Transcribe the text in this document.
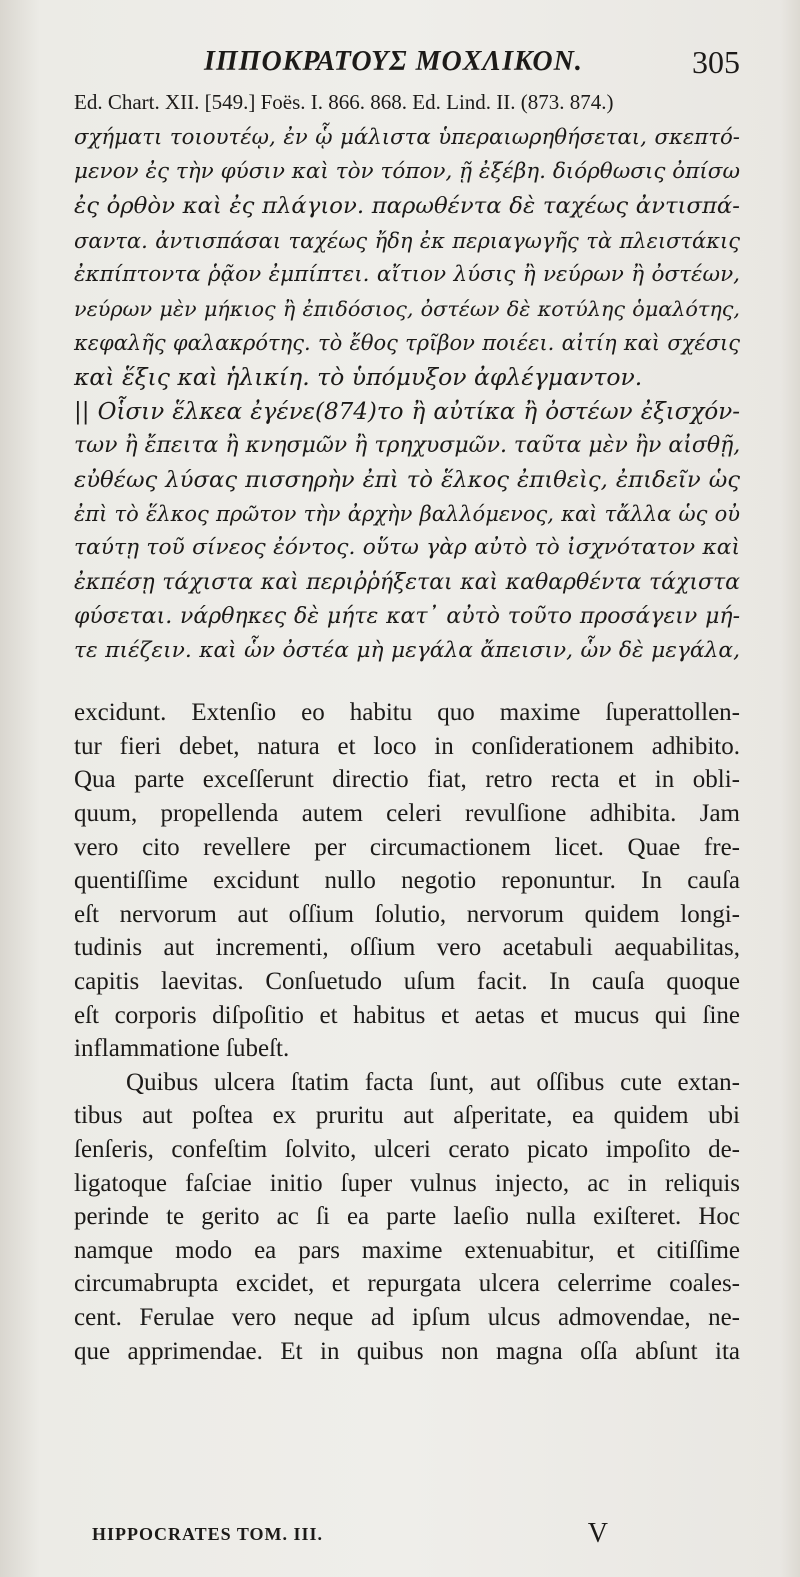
ΙΠΠΟΚΡΑΤΟΥΣ ΜΟΧΛΙΚΟΝ.	305
Ed. Chart. XII. [549.] Foës. I. 866. 868. Ed. Lind. II. (873. 874.)
σχήματι τοιουτέῳ, ἐν ᾧ μάλιστα ὑπεραιωρηθήσεται, σκεπτό-
μενον ἐς τὴν φύσιν καὶ τὸν τόπον, ῇ ἐξέβη. διόρθωσις ὀπίσω
ἐς ὀρθὸν καὶ ἐς πλάγιον. παρωθέντα δὲ ταχέως ἀντισπά-
σαντα. ἀντισπάσαι ταχέως ἤδη ἐκ περιαγωγῆς τὰ πλειστάκις
ἐκπίπτοντα ῥᾷον ἐμπίπτει. αἴτιον λύσις ἢ νεύρων ἢ ὀστέων,
νεύρων μὲν μήκιος ἢ ἐπιδόσιος, ὀστέων δὲ κοτύλης ὁμαλότης,
κεφαλῆς φαλακρότης. τὸ ἔθος τρῖβον ποιέει. αἰτίη καὶ σχέσις
καὶ ἕξις καὶ ἡλικίη. τὸ ὑπόμυξον ἀφλέγμαντον.
|| Οἷσιν ἕλκεα ἐγένε(874)το ἢ αὐτίκα ἢ ὀστέων ἐξισχόν-
των ἢ ἔπειτα ἢ κνησμῶν ἢ τρηχυσμῶν. ταῦτα μὲν ἢν αἰσθῇ,
εὐθέως λύσας πισσηρὴν ἐπὶ τὸ ἕλκος ἐπιθεὶς, ἐπιδεῖν ὡς
ἐπὶ τὸ ἕλκος πρῶτον τὴν ἀρχὴν βαλλόμενος, καὶ τἄλλα ὡς οὐ
ταύτῃ τοῦ σίνεος ἐόντος. οὕτω γὰρ αὐτὸ τὸ ἰσχνότατον καὶ
ἐκπέσῃ τάχιστα καὶ περιῤῥήξεται καὶ καθαρθέντα τάχιστα
φύσεται. νάρθηκες δὲ μήτε κατ᾽ αὐτὸ τοῦτο προσάγειν μή-
τε πιέζειν. καὶ ὧν ὀστέα μὴ μεγάλα ἄπεισιν, ὧν δὲ μεγάλα,
excidunt. Extenſio eo habitu quo maxime ſuperattollen-
tur fieri debet, natura et loco in conſiderationem adhibito.
Qua parte exceſſerunt directio fiat, retro recta et in obli-
quum, propellenda autem celeri revulſione adhibita. Jam
vero cito revellere per circumactionem licet. Quae fre-
quentiſſime excidunt nullo negotio reponuntur. In cauſa
eſt nervorum aut oſſium ſolutio, nervorum quidem longi-
tudinis aut incrementi, oſſium vero acetabuli aequabilitas,
capitis laevitas. Conſuetudo uſum facit. In cauſa quoque
eſt corporis diſpoſitio et habitus et aetas et mucus qui ſine
inflammatione ſubeſt.
Quibus ulcera ſtatim facta ſunt, aut oſſibus cute extan-
tibus aut poſtea ex pruritu aut aſperitate, ea quidem ubi
ſenſeris, confeſtim ſolvito, ulceri cerato picato impoſito de-
ligatoque faſciae initio ſuper vulnus injecto, ac in reliquis
perinde te gerito ac ſi ea parte laeſio nulla exiſteret. Hoc
namque modo ea pars maxime extenuabitur, et citiſſime
circumabrupta excidet, et repurgata ulcera celerrime coales-
cent. Ferulae vero neque ad ipſum ulcus admovendae, ne-
que apprimendae. Et in quibus non magna oſſa abſunt ita
HIPPOCRATES TOM. III.	V
